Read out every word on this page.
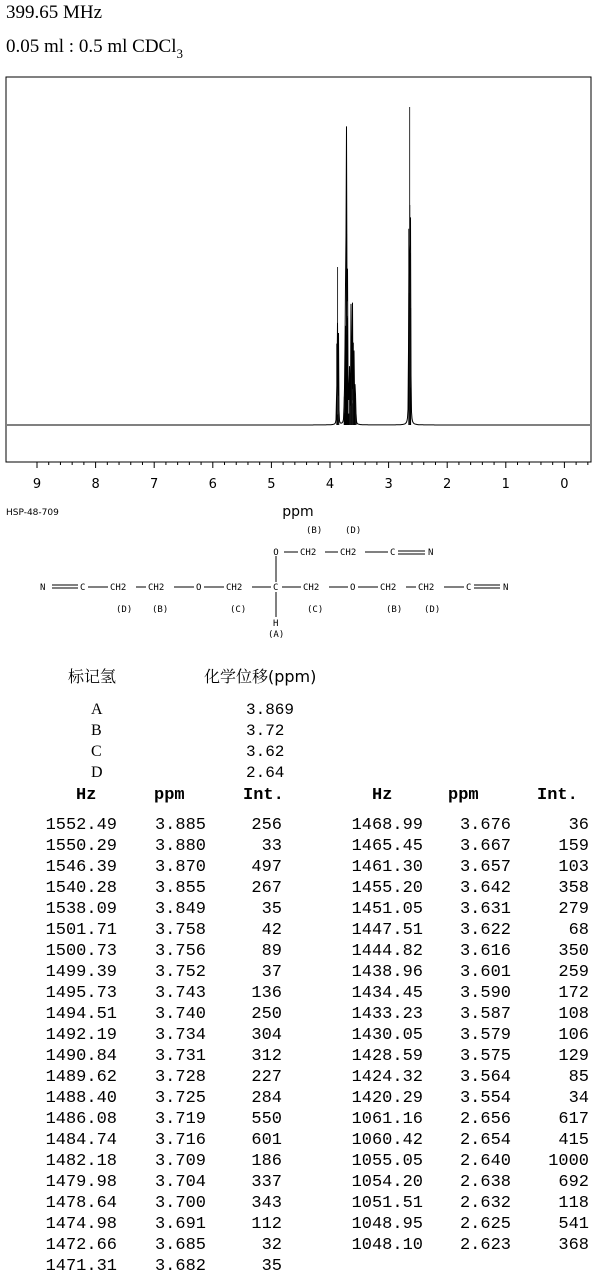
399.65 MHz
0.05 ml : 0.5 ml CDCl$_3$
9	8	7	6	5	4	3	2	1	0
ppm
HSP-48-709
(B)	(D)
O CH2	CH2	C	N
N	C	CH2 CH2	O	CH2	C	CH2	O	CH2 CH2	C	N
(D) (B)	(C)	(C)	(B) (D)
H
(A)
标记氢	化学位移(ppm)
A	3.869
B	3.72
C	3.62
D	2.64
Hz	ppm	Int.	Hz	ppm	Int.
1552.49 3.885	256
1550.29 3.880	33
1546.39 3.870	497
1540.28 3.855	267
1538.09 3.849	35
1501.71 3.758	42
1500.73 3.756	89
1499.39 3.752	37
1495.73 3.743	136
1494.51 3.740	250
1492.19 3.734	304
1490.84 3.731	312
1489.62 3.728	227
1488.40 3.725	284
1486.08 3.719	550
1484.74 3.716	601
1482.18 3.709	186
1479.98 3.704	337
1478.64 3.700	343
1474.98 3.691	112
1472.66 3.685	32
1471.31 3.682	35
1468.99 3.676	36
1465.45 3.667	159
1461.30 3.657	103
1455.20 3.642	358
1451.05 3.631	279
1447.51 3.622	68
1444.82 3.616	350
1438.96 3.601	259
1434.45 3.590	172
1433.23 3.587	108
1430.05 3.579	106
1428.59 3.575	129
1424.32 3.564	85
1420.29 3.554	34
1061.16 2.656	617
1060.42 2.654	415
1055.05 2.640 1000
1054.20 2.638	692
1051.51 2.632	118
1048.95 2.625	541
1048.10 2.623	368
